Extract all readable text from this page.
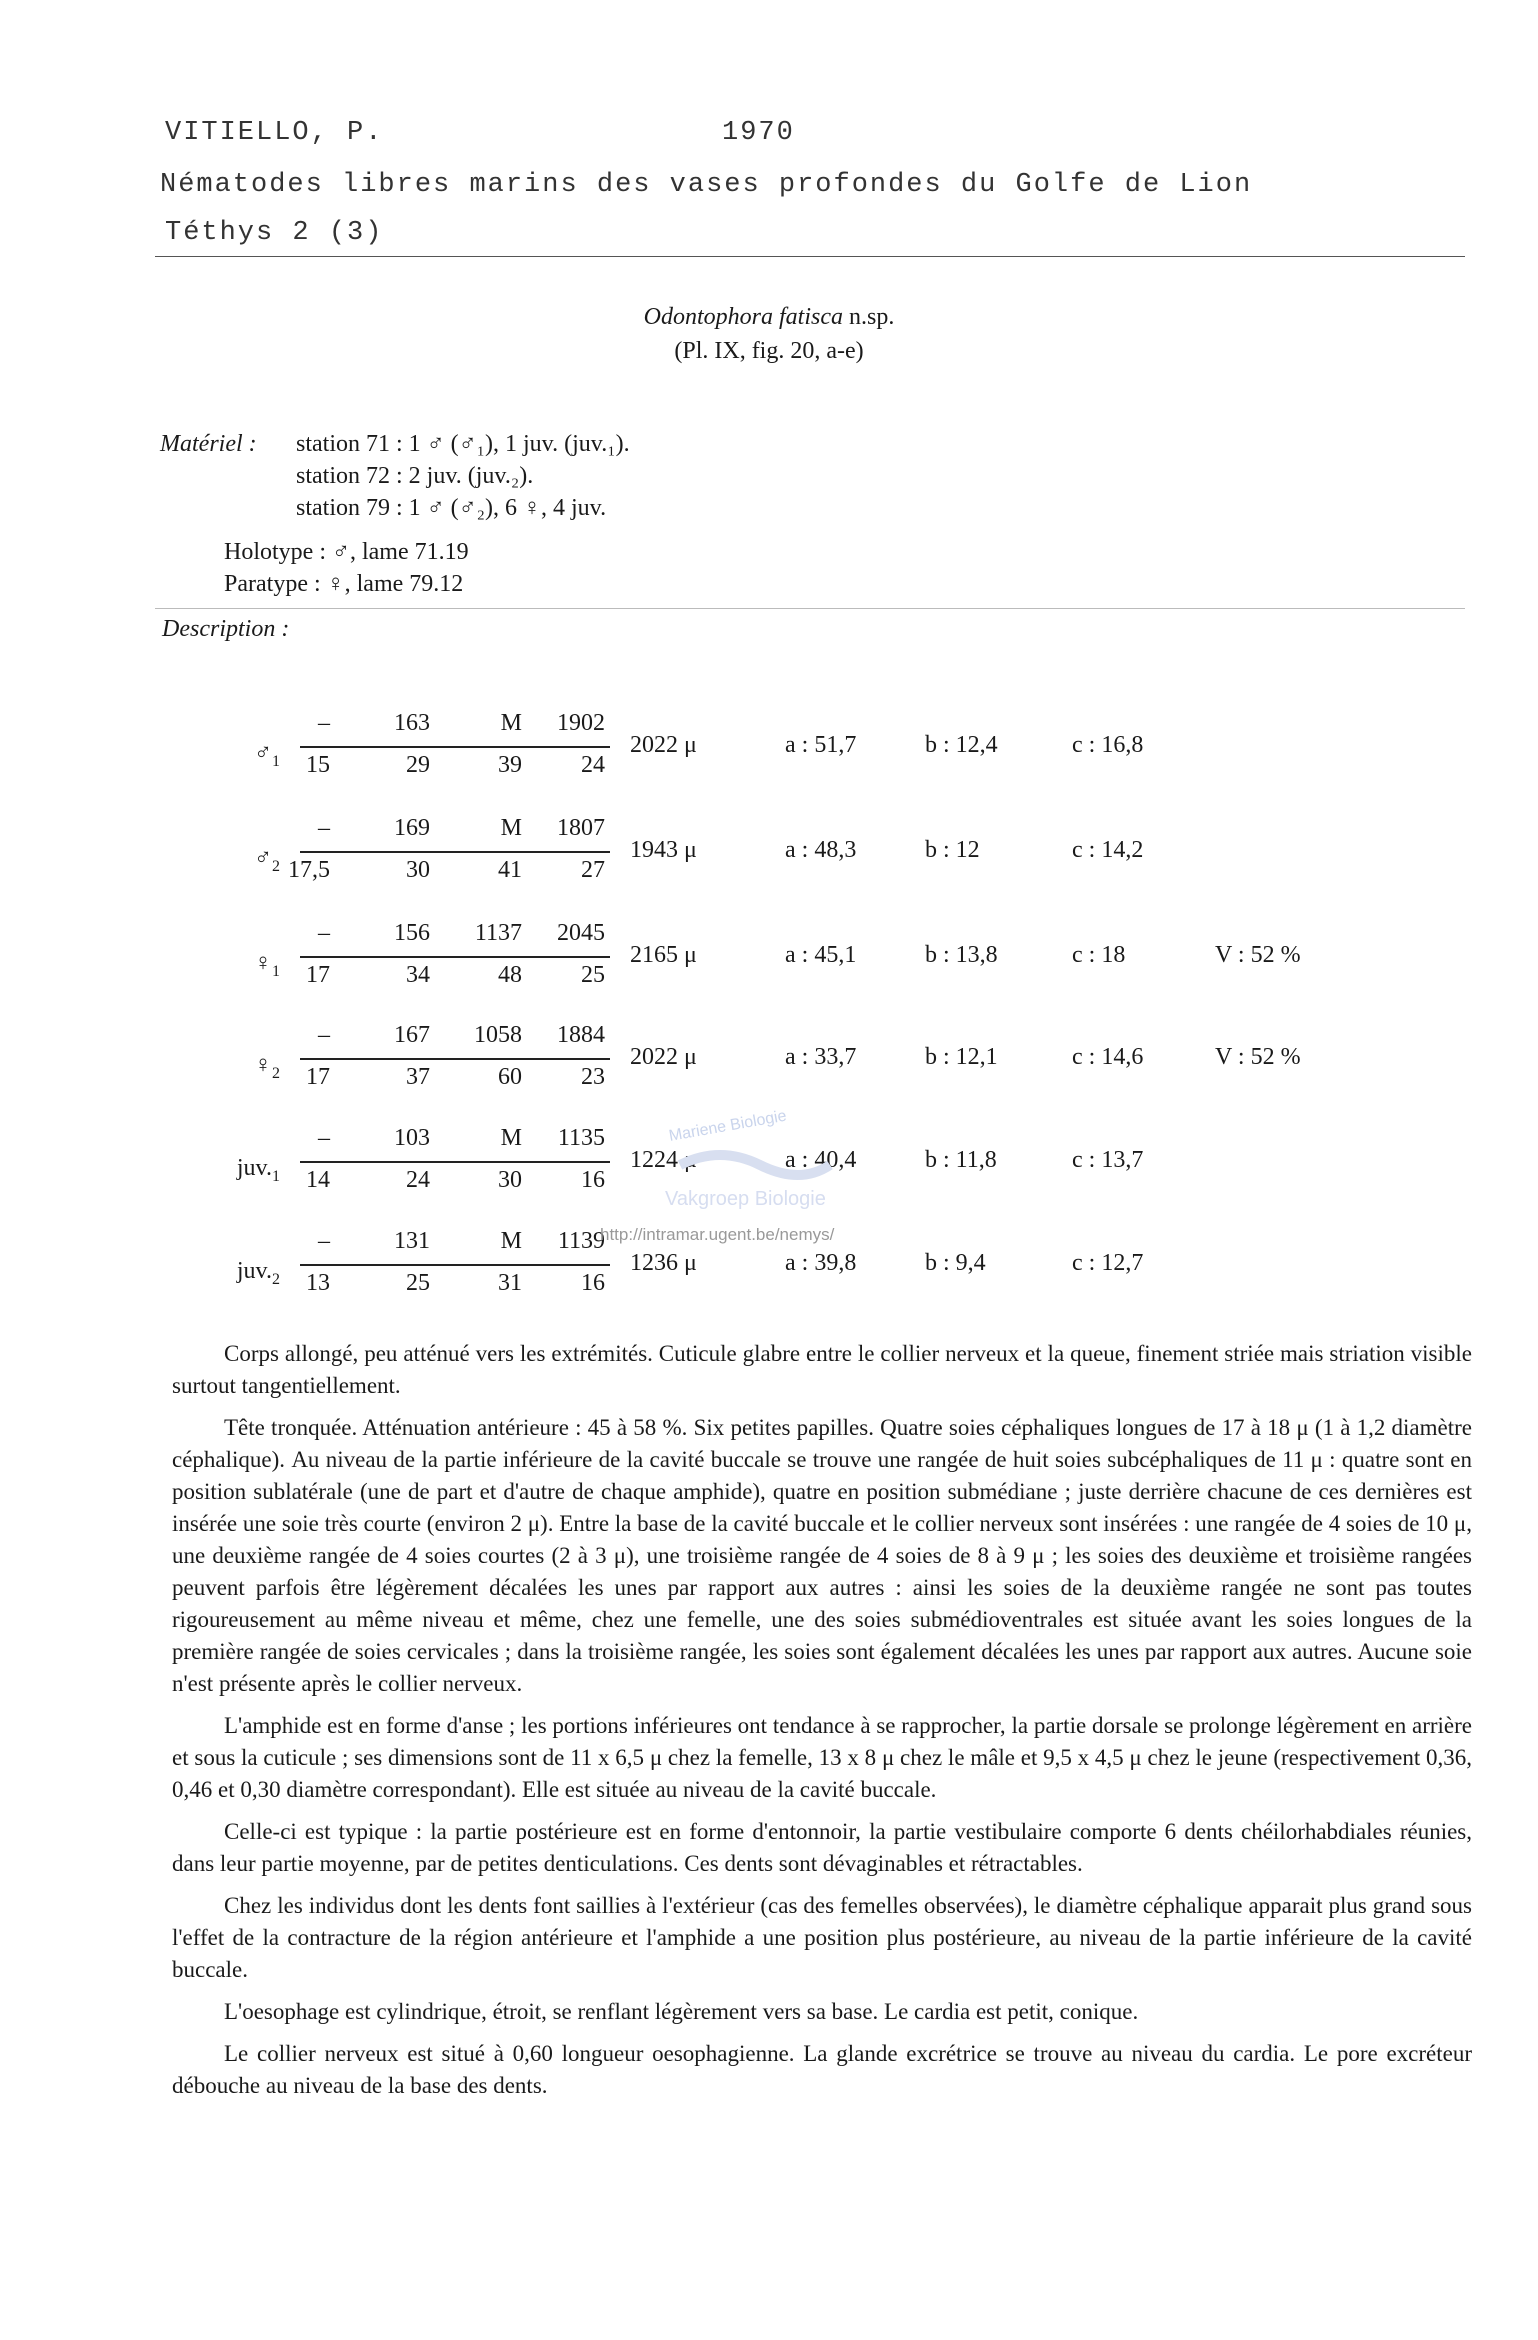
VITIELLO, P.	1970
Nématodes libres marins des vases profondes du Golfe de Lion
Téthys 2 (3)
Odontophora fatisca n.sp.
(Pl. IX, fig. 20, a-e)
Matériel : station 71 : 1 ♂ (♂₁), 1 juv. (juv.₁).
station 72 : 2 juv. (juv.₂).
station 79 : 1 ♂ (♂₂), 6 ♀, 4 juv.
Holotype : ♂, lame 71.19
Paratype : ♀, lame 79.12
Description :
$♂_1$
–	163	M	1902
15	29	39	24
2022 μ	a : 51,7	b : 12,4	c : 16,8
$♂_2$
–	169	M	1807
17,5	30	41	27
1943 μ	a : 48,3	b : 12	c : 14,2
$♀_1$
–	156	1137	2045
17	34	48	25
2165 μ	a : 45,1	b : 13,8	c : 18	V : 52 %
$♀_2$
–	167	1058	1884
17	37	60	23
2022 μ	a : 33,7	b : 12,1	c : 14,6	V : 52 %
$juv._1$
–	103	M	1135
14	24	30	16
1224 μ	a : 40,4	b : 11,8	c : 13,7
$juv._2$
–	131	M	1139
13	25	31	16
1236 μ	a : 39,8	b : 9,4	c : 12,7
Mariene Biologie
Vakgroep Biologie
http://intramar.ugent.be/nemys/

Corps allongé, peu atténué vers les extrémités. Cuticule glabre entre le collier nerveux et la queue, finement striée mais striation visible surtout tangentiellement.

Tête tronquée. Atténuation antérieure : 45 à 58 %. Six petites papilles. Quatre soies céphaliques longues de 17 à 18 μ (1 à 1,2 diamètre céphalique). Au niveau de la partie inférieure de la cavité buccale se trouve une rangée de huit soies subcéphaliques de 11 μ : quatre sont en position sublatérale (une de part et d'autre de chaque amphide), quatre en position submédiane ; juste derrière chacune de ces dernières est insérée une soie très courte (environ 2 μ). Entre la base de la cavité buccale et le collier nerveux sont insérées : une rangée de 4 soies de 10 μ, une deuxième rangée de 4 soies courtes (2 à 3 μ), une troisième rangée de 4 soies de 8 à 9 μ ; les soies des deuxième et troisième rangées peuvent parfois être légèrement décalées les unes par rapport aux autres : ainsi les soies de la deuxième rangée ne sont pas toutes rigoureusement au même niveau et même, chez une femelle, une des soies submédioventrales est située avant les soies longues de la première rangée de soies cervicales ; dans la troisième rangée, les soies sont également décalées les unes par rapport aux autres. Aucune soie n'est présente après le collier nerveux.

L'amphide est en forme d'anse ; les portions inférieures ont tendance à se rapprocher, la partie dorsale se prolonge légèrement en arrière et sous la cuticule ; ses dimensions sont de 11 x 6,5 μ chez la femelle, 13 x 8 μ chez le mâle et 9,5 x 4,5 μ chez le jeune (respectivement 0,36, 0,46 et 0,30 diamètre correspondant). Elle est située au niveau de la cavité buccale.

Celle-ci est typique : la partie postérieure est en forme d'entonnoir, la partie vestibulaire comporte 6 dents chéilorhabdiales réunies, dans leur partie moyenne, par de petites denticulations. Ces dents sont dévaginables et rétractables.

Chez les individus dont les dents font saillies à l'extérieur (cas des femelles observées), le diamètre céphalique apparait plus grand sous l'effet de la contracture de la région antérieure et l'amphide a une position plus postérieure, au niveau de la partie inférieure de la cavité buccale.

L'oesophage est cylindrique, étroit, se renflant légèrement vers sa base. Le cardia est petit, conique.

Le collier nerveux est situé à 0,60 longueur oesophagienne. La glande excrétrice se trouve au niveau du cardia. Le pore excréteur débouche au niveau de la base des dents.
